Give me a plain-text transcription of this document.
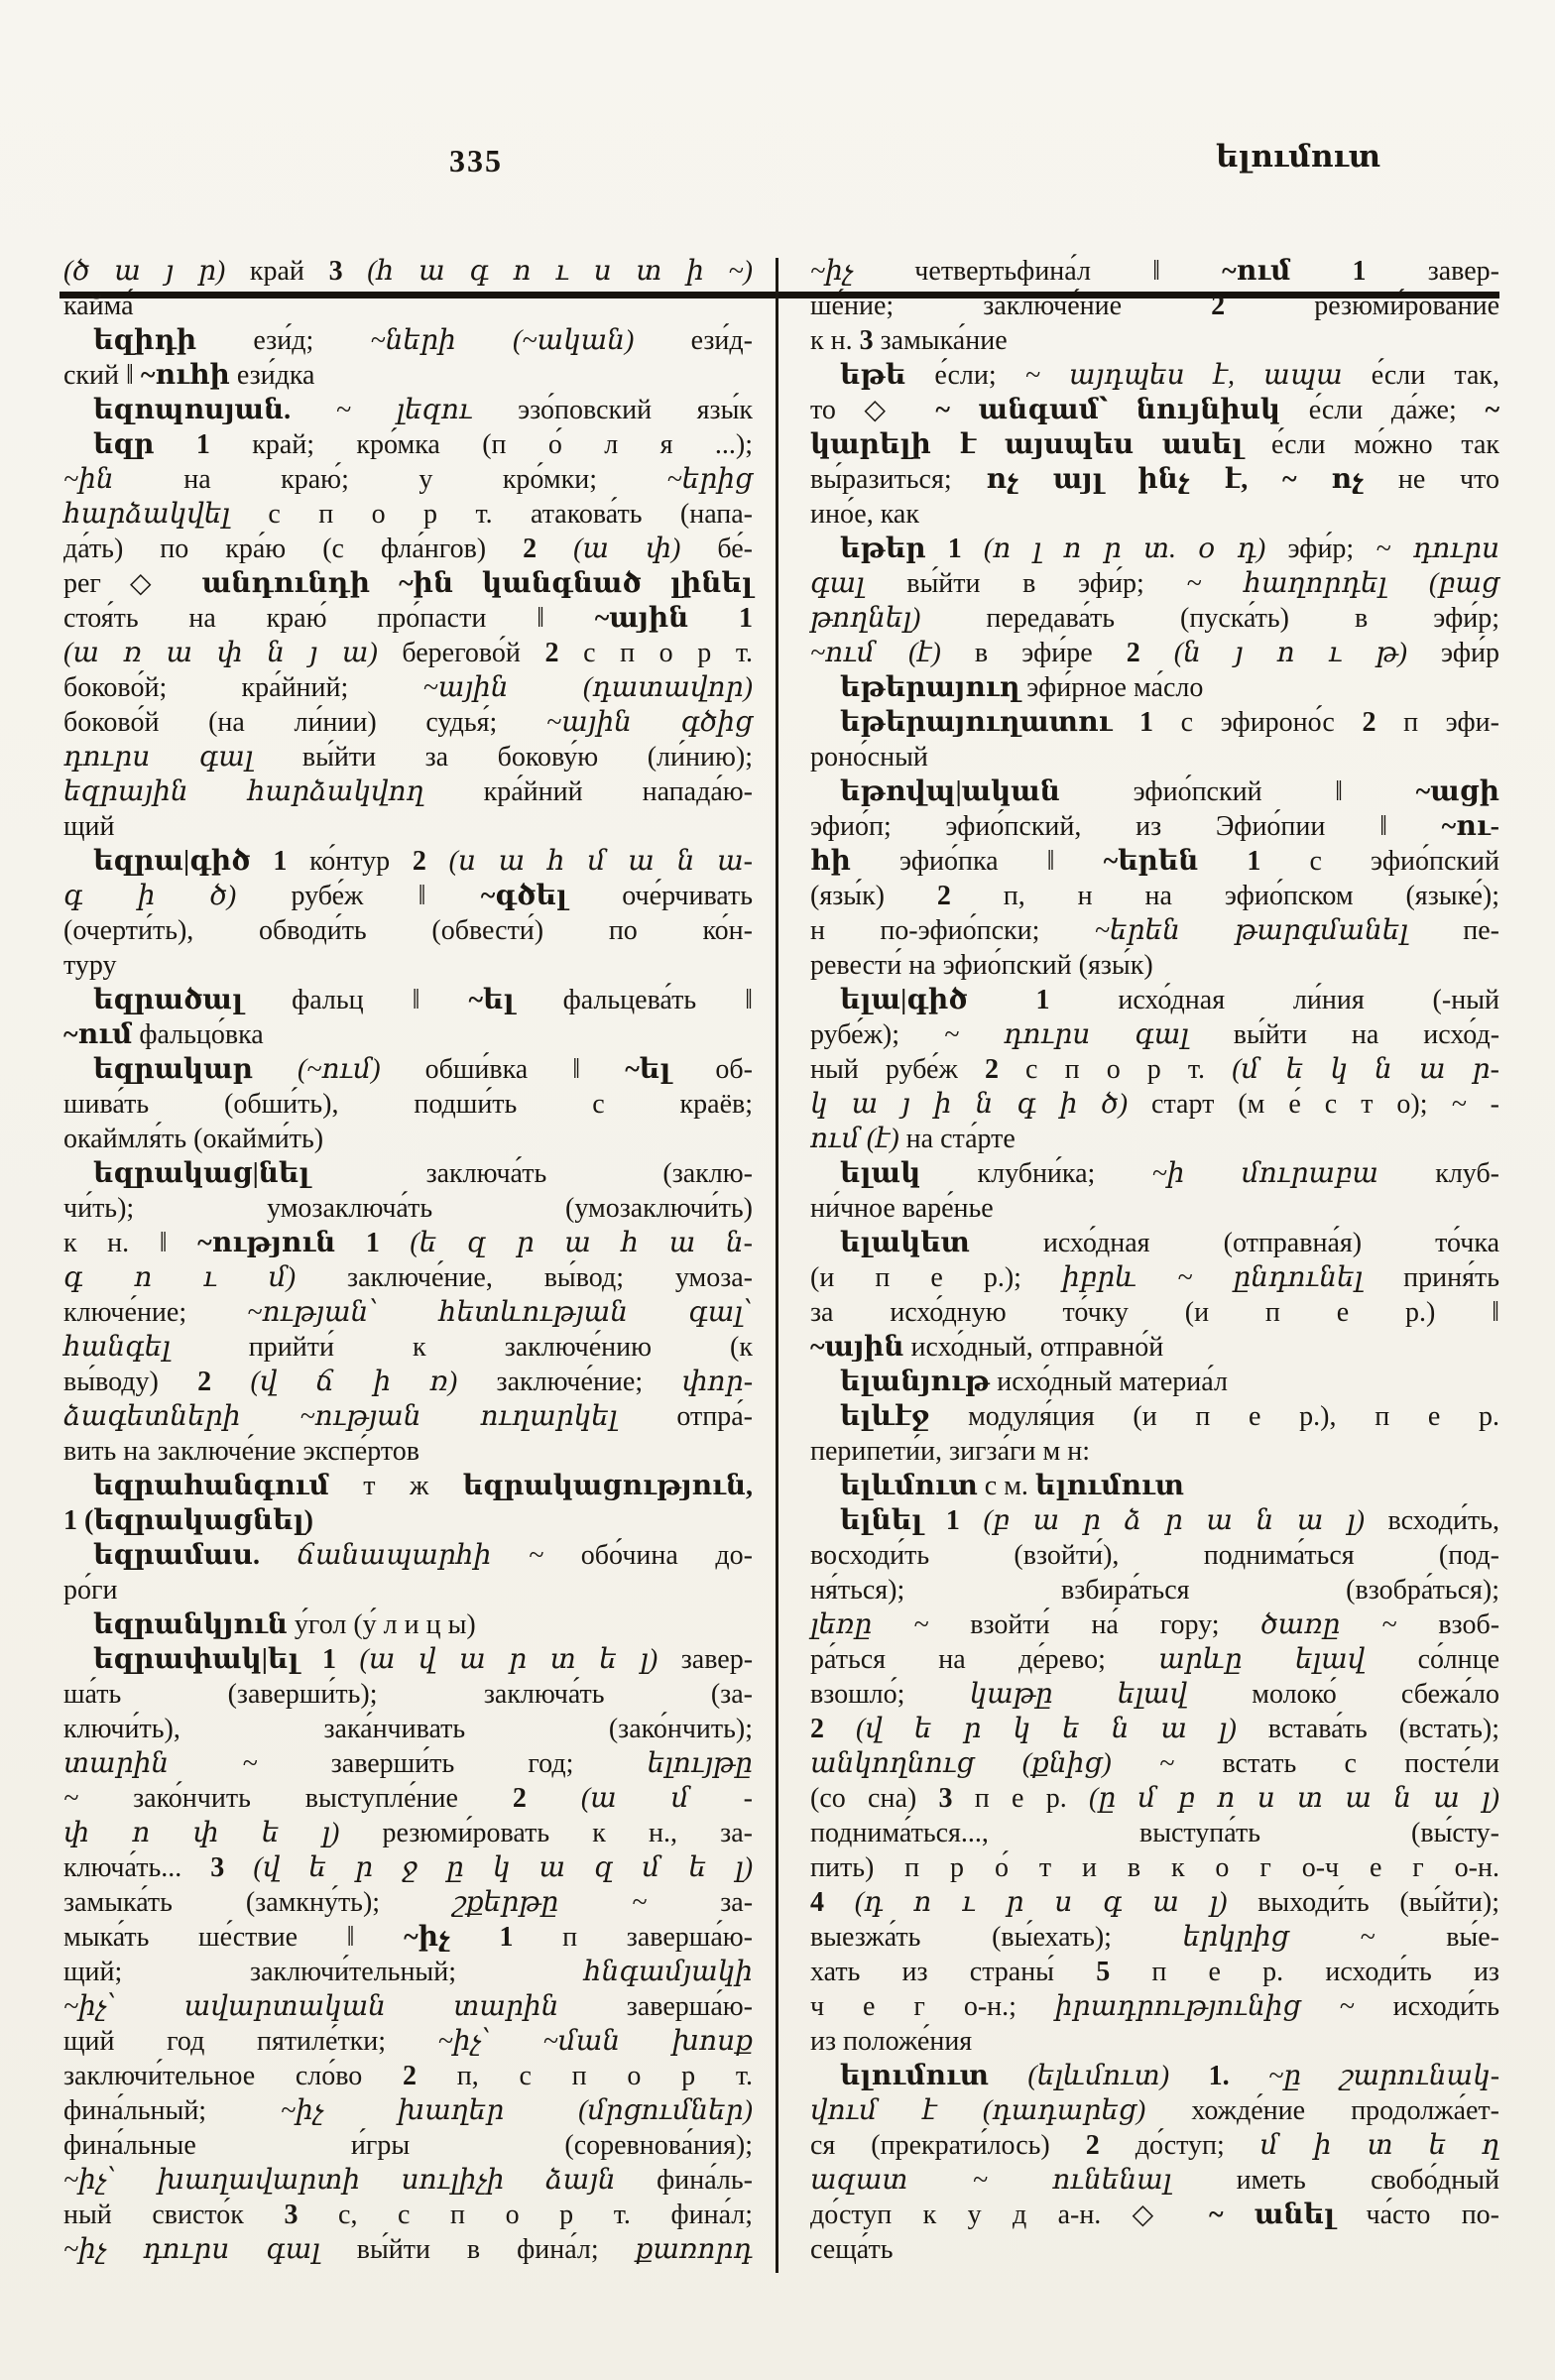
335	ելումուտ
(ծ ա յ ր) край 3 (հ ա գ ո ւ ս տ ի ~)
кайма́
եզիդի ези́д; ~ների (~ական) ези́д-
ский ‖ ~ուհի ези́дка
եզոպոսյան. ~ լեզու эзо́повский язы́к
եզր 1 край; кро́мка (п о́ л я ...);
~ին на краю́; у кро́мки; ~երից
հարձակվել с п о р т. атакова́ть (напа-
да́ть) по кра́ю (с фла́нгов) 2 (ա փ) бе́-
рег ◇ անդունդի ~ին կանգնած լինել
стоя́ть на краю́ про́пасти ‖ ~ային 1
(ա ռ ա փ ն յ ա) берегово́й 2 с п о р т.
боково́й; кра́йний; ~ային (դատավոր)
боково́й (на ли́нии) судья́; ~ային գծից
դուրս գալ вы́йти за бокову́ю (ли́нию);
եզրային հարձակվող кра́йний напада́ю-
щий
եզրա|գիծ 1 ко́нтур 2 (ս ա հ մ ա ն ա-
գ ի ծ) рубе́ж ‖ ~գծել оче́рчивать
(очерти́ть), обводи́ть (обвести́) по ко́н-
туру
եզրածալ фальц ‖ ~ել фальцева́ть ‖
~ում фальцо́вка
եզրակար (~ում) обши́вка ‖ ~ել об-
шива́ть (обши́ть), подши́ть с краёв;
окаймля́ть (окайми́ть)
եզրակաց|նել заключа́ть (заклю-
чи́ть); умозаключа́ть (умозаключи́ть)
к н. ‖ ~ություն 1 (ե զ ր ա հ ա ն-
գ ո ւ մ) заключе́ние, вы́вод; умоза-
ключе́ние; ~ության՝ հետևության գալ՝
հանգել прийти́ к заключе́нию (к
вы́воду) 2 (վ ճ ի ռ) заключе́ние; փոր-
ձագետների ~ության ուղարկել отпра́-
вить на заключе́ние экспе́ртов
եզրահանգում т ж եզրակացություն,
1 (եզրակացնել)
եզրամաս. ճանապարհի ~ обо́чина до-
ро́ги
եզրանկյուն у́гол (у́ л и ц ы)
եզրափակ|ել 1 (ա վ ա ր տ ե լ) завер-
ша́ть (заверши́ть); заключа́ть (за-
ключи́ть), зака́нчивать (зако́нчить);
տարին ~ заверши́ть год; ելույթը
~ зако́нчить выступле́ние 2 (ա մ -
փ ո փ ե լ) резюми́ровать к н., за-
ключа́ть... 3 (վ ե ր ջ ը կ ա զ մ ե լ)
замыка́ть (замкну́ть); շքերթը ~ за-
мыка́ть ше́ствие ‖ ~իչ 1 п заверша́ю-
щий; заключи́тельный; հնգամյակի
~իչ՝ ավարտական տարին заверша́ю-
щий год пятиле́тки; ~իչ՝ ~ման խոսք
заключи́тельное сло́во 2 п, с п о р т.
фина́льный; ~իչ խաղեր (մրցումներ)
фина́льные и́гры (соревнова́ния);
~իչ՝ խաղավարտի սուլիչի ձայն фина́ль-
ный свисто́к 3 с, с п о р т. фина́л;
~իչ դուրս գալ вы́йти в фина́л; քառորդ
~իչ четвертьфина́л ‖ ~ում 1 завер-
ше́ние; заключе́ние 2 резюми́рование
к н. 3 замыка́ние
եթե е́сли; ~ այդպես է, ապա е́сли так,
то ◇ ~ անգամ՝ նույնիսկ е́сли да́же; ~
կարելի է այսպես ասել е́сли мо́жно так
вы́разиться; ոչ այլ ինչ է, ~ ոչ не что
ино́е, как
եթեր 1 (ո լ ո ր տ. օ դ) эфи́р; ~ դուրս
գալ вы́йти в эфи́р; ~ հաղորդել (բաց
թողնել) передава́ть (пуска́ть) в эфи́р;
~ում (է) в эфи́ре 2 (ն յ ո ւ թ) эфи́р
եթերայուղ эфи́рное ма́сло
եթերայուղատու 1 с эфироно́с 2 п эфи-
роно́сный
եթովպ|ական эфио́пский ‖ ~ացի
эфио́п; эфио́пский, из Эфио́пии ‖ ~ու-
հի эфио́пка ‖ ~երեն 1 с эфио́пский
(язы́к) 2 п, н на эфио́пском (языке́);
н по-эфио́пски; ~երեն թարգմանել пе-
ревести́ на эфио́пский (язы́к)
ելա|գիծ 1 исхо́дная ли́ния (-ный
рубе́ж); ~ դուրս գալ вы́йти на исхо́д-
ный рубе́ж 2 с п о р т. (մ ե կ ն ա ր-
կ ա յ ի ն գ ի ծ) старт (м е́ с т о); ~ -
ում (է) на ста́рте
ելակ клубни́ка; ~ի մուրաբա клуб-
ни́чное варе́нье
ելակետ исхо́дная (отправна́я) то́чка
(и п е р.); իբրև ~ ընդունել приня́ть
за исхо́дную то́чку (и п е р.) ‖
~ային исхо́дный, отправно́й
ելանյութ исхо́дный материа́л
ելևէջ модуля́ция (и п е р.), п е р.
перипети́и, зигза́ги м н:
ելևմուտ с м. ելումուտ
ելնել 1 (բ ա ր ձ ր ա ն ա լ) всходи́ть,
восходи́ть (взойти́), поднима́ться (под-
ня́ться); взбира́ться (взобра́ться);
լեռը ~ взойти́ на́ гору; ծառը ~ взоб-
ра́ться на де́рево; արևը ելավ со́лнце
взошло́; կաթը ելավ молоко́ сбежа́ло
2 (վ ե ր կ ե ն ա լ) встава́ть (встать);
անկողնուց (քնից) ~ встать с посте́ли
(со сна) 3 п е р. (ը մ բ ո ս տ ա ն ա լ)
поднима́ться..., выступа́ть (вы́сту-
пить) п р о́ т и в к о г о-ч е г о-н.
4 (դ ո ւ ր ս գ ա լ) выходи́ть (вы́йти);
выезжа́ть (вы́ехать); երկրից ~ вы́е-
хать из страны́ 5 п е р. исходи́ть из
ч е г о-н.; իրադրությունից ~ исходи́ть
из положе́ния
ելումուտ (ելևմուտ) 1. ~ը շարունակ-
վում է (դադարեց) хожде́ние продолжа́ет-
ся (прекрати́лось) 2 до́ступ; մ ի տ ե ղ
ազատ ~ ունենալ иметь свобо́дный
до́ступ к у д а-н. ◇ ~ անել ча́сто по-
сеща́ть
